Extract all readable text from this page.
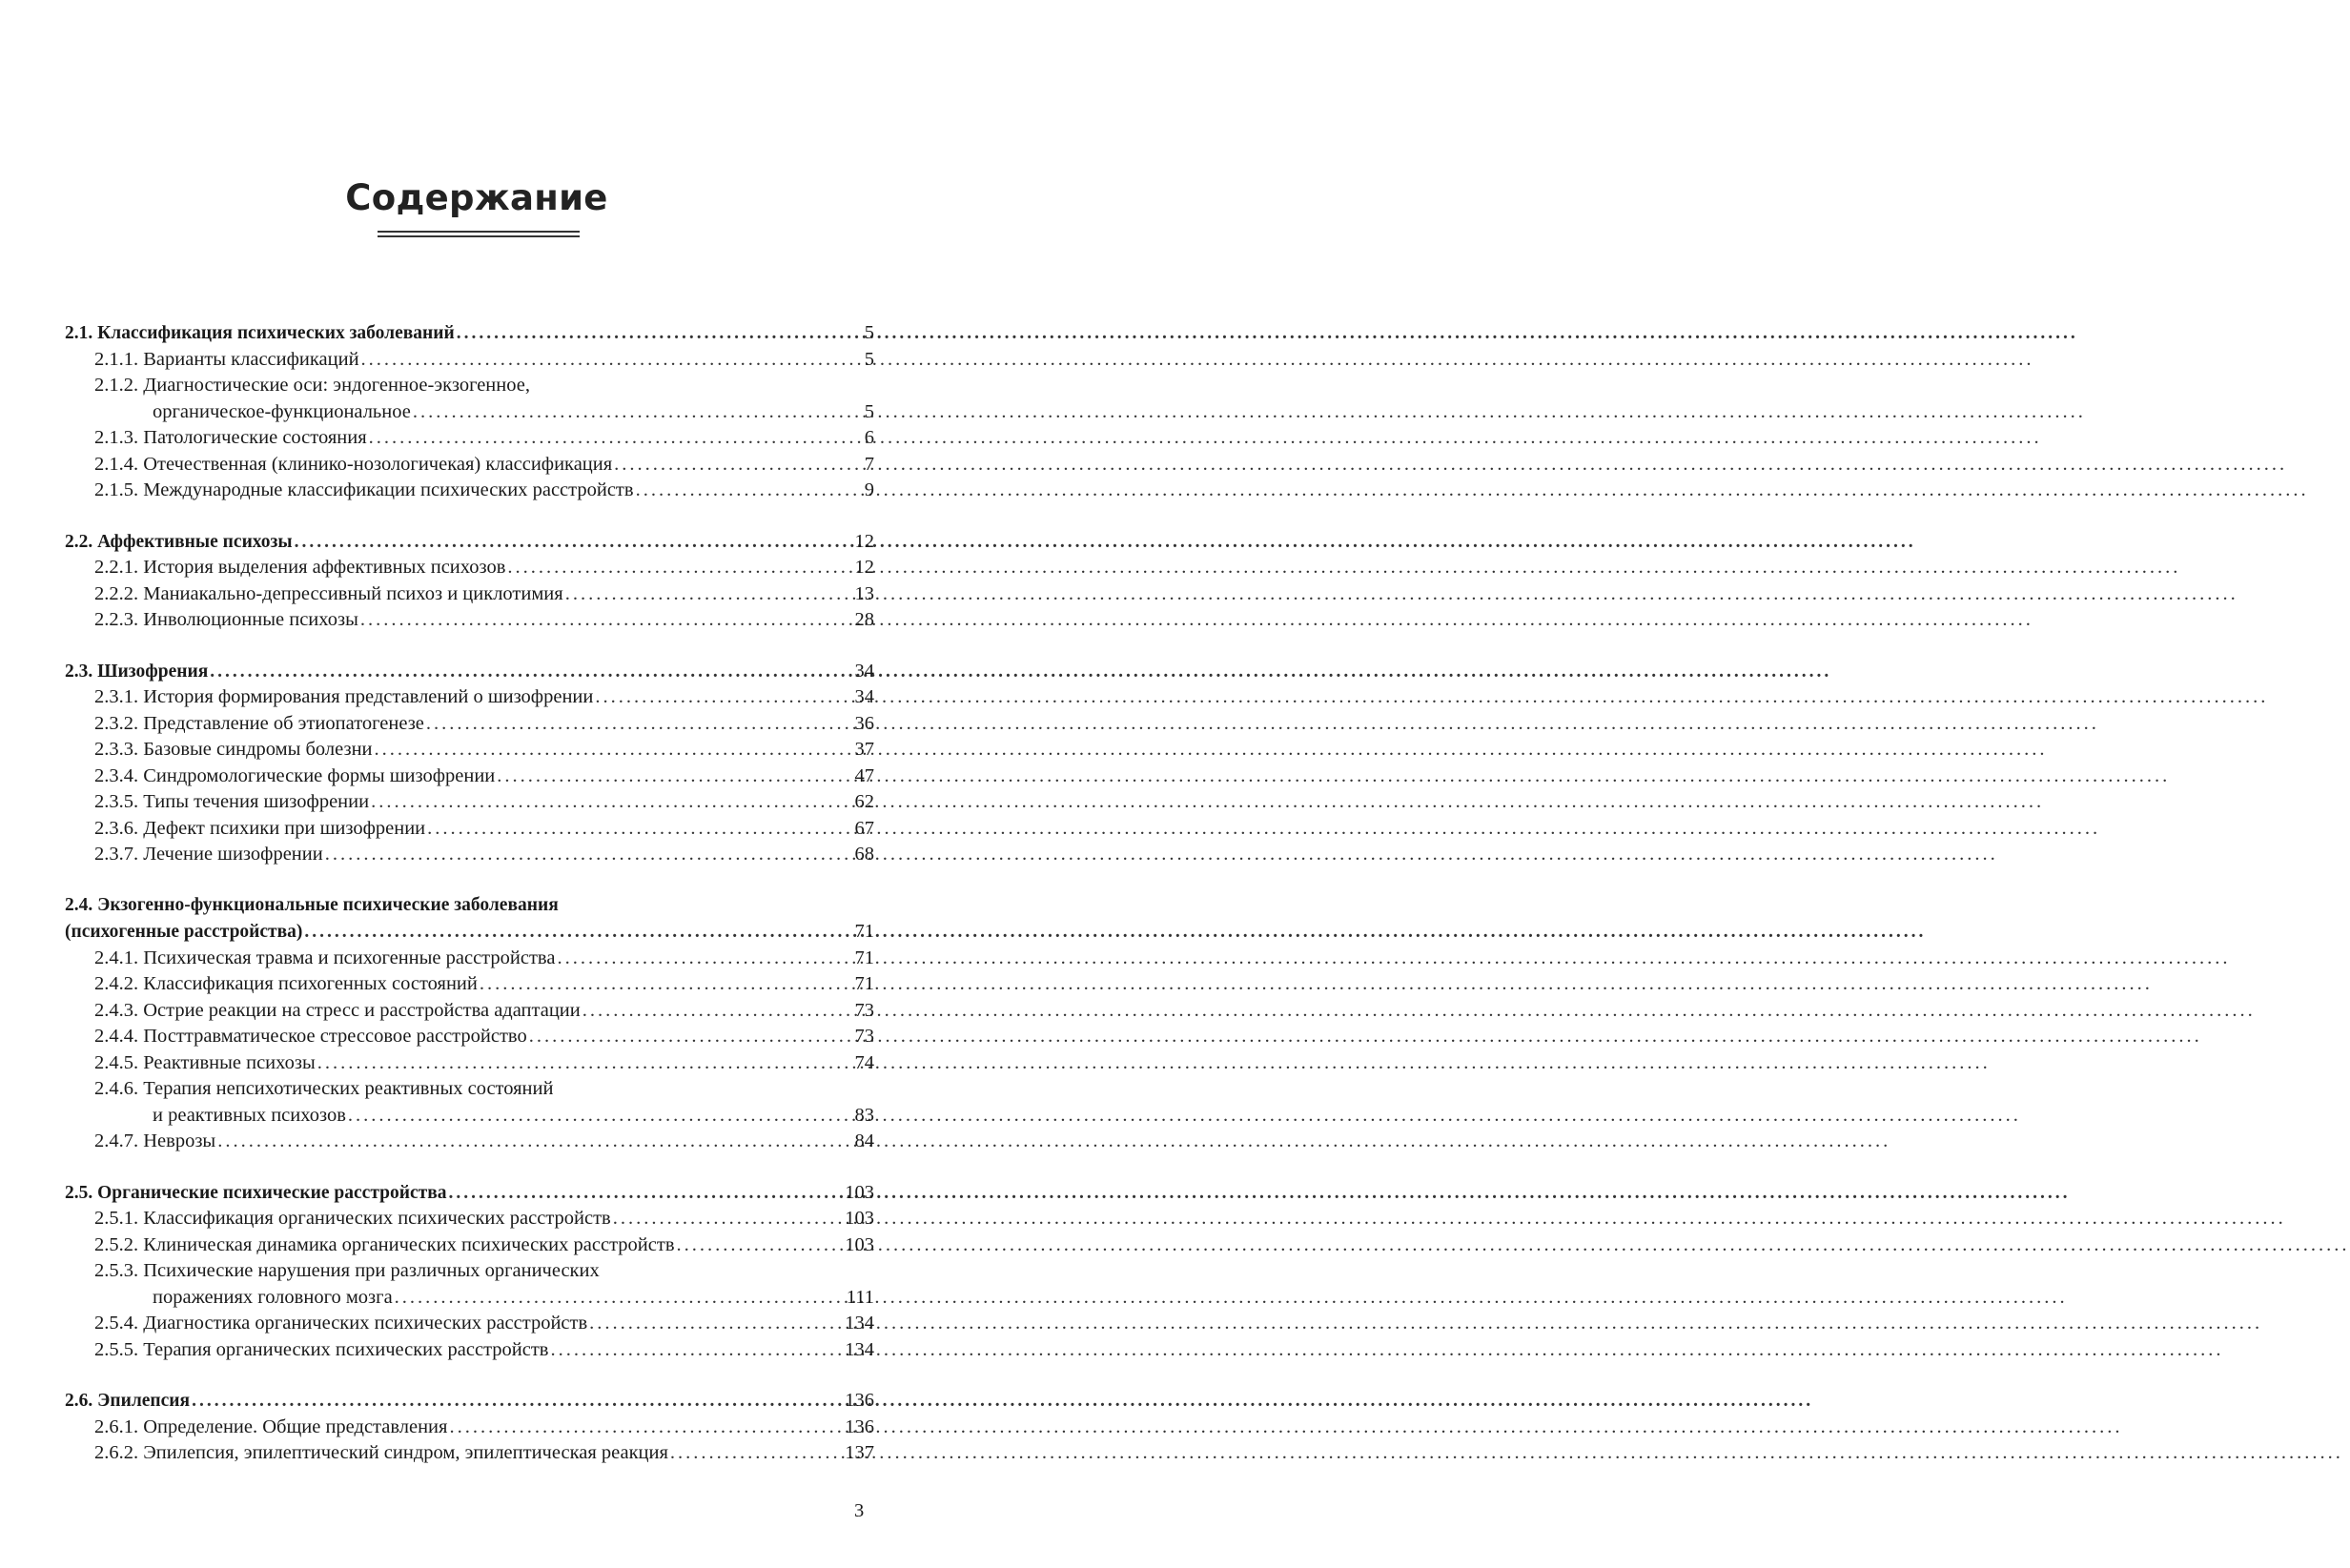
Содержание
2.1. Классификация психических заболеваний .....	5
2.1.1. Варианты классификаций .....	5
2.1.2. Диагностические оси: эндогенное-экзогенное,
органическое-функциональное .....	5
2.1.3. Патологические состояния .....	6
2.1.4. Отечественная (клинико-нозологичекая) классификация .....	7
2.1.5. Международные классификации психических расстройств .....	9
2.2. Аффективные психозы .....	12
2.2.1. История выделения аффективных психозов .....	12
2.2.2. Маниакально-депрессивный психоз и циклотимия .....	13
2.2.3. Инволюционные психозы .....	28
2.3. Шизофрения .....	34
2.3.1. История формирования представлений о шизофрении .....	34
2.3.2. Представление об этиопатогенезе .....	36
2.3.3. Базовые синдромы болезни .....	37
2.3.4. Синдромологические формы шизофрении .....	47
2.3.5. Типы течения шизофрении .....	62
2.3.6. Дефект психики при шизофрении .....	67
2.3.7. Лечение шизофрении .....	68
2.4. Экзогенно-функциональные психические заболевания
(психогенные расстройства) .....	71
2.4.1. Психическая травма и психогенные расстройства .....	71
2.4.2. Классификация психогенных состояний .....	71
2.4.3. Острие реакции на стресс и расстройства адаптации .....	73
2.4.4. Посттравматическое стрессовое расстройство .....	73
2.4.5. Реактивные психозы .....	74
2.4.6. Терапия непсихотических реактивных состояний
и реактивных психозов .....	83
2.4.7. Неврозы .....	84
2.5. Органические психические расстройства .....	103
2.5.1. Классификация органических психических расстройств .....	103
2.5.2. Клиническая динамика органических психических расстройств .....	103
2.5.3. Психические нарушения при различных органических
поражениях головного мозга .....	111
2.5.4. Диагностика органических психических расстройств .....	134
2.5.5. Терапия органических психических расстройств .....	134
2.6. Эпилепсия .....	136
2.6.1. Определение. Общие представления .....	136
2.6.2. Эпилепсия, эпилептический синдром, эпилептическая реакция .....	137
3
